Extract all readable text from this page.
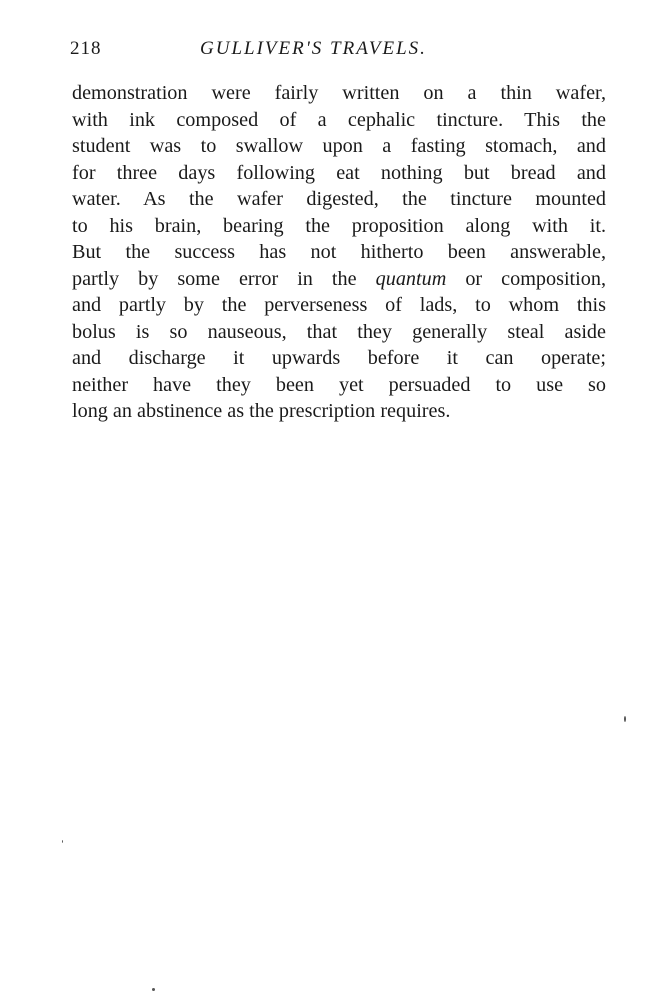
218	GULLIVER'S TRAVELS.

demonstration were fairly written on a thin wafer,
with ink composed of a cephalic tincture. This the
student was to swallow upon a fasting stomach, and
for three days following eat nothing but bread and
water. As the wafer digested, the tincture mounted
to his brain, bearing the proposition along with it.
But the success has not hitherto been answerable,
partly by some error in the quantum or composition,
and partly by the perverseness of lads, to whom this
bolus is so nauseous, that they generally steal aside
and discharge it upwards before it can operate;
neither have they been yet persuaded to use so
long an abstinence as the prescription requires.
